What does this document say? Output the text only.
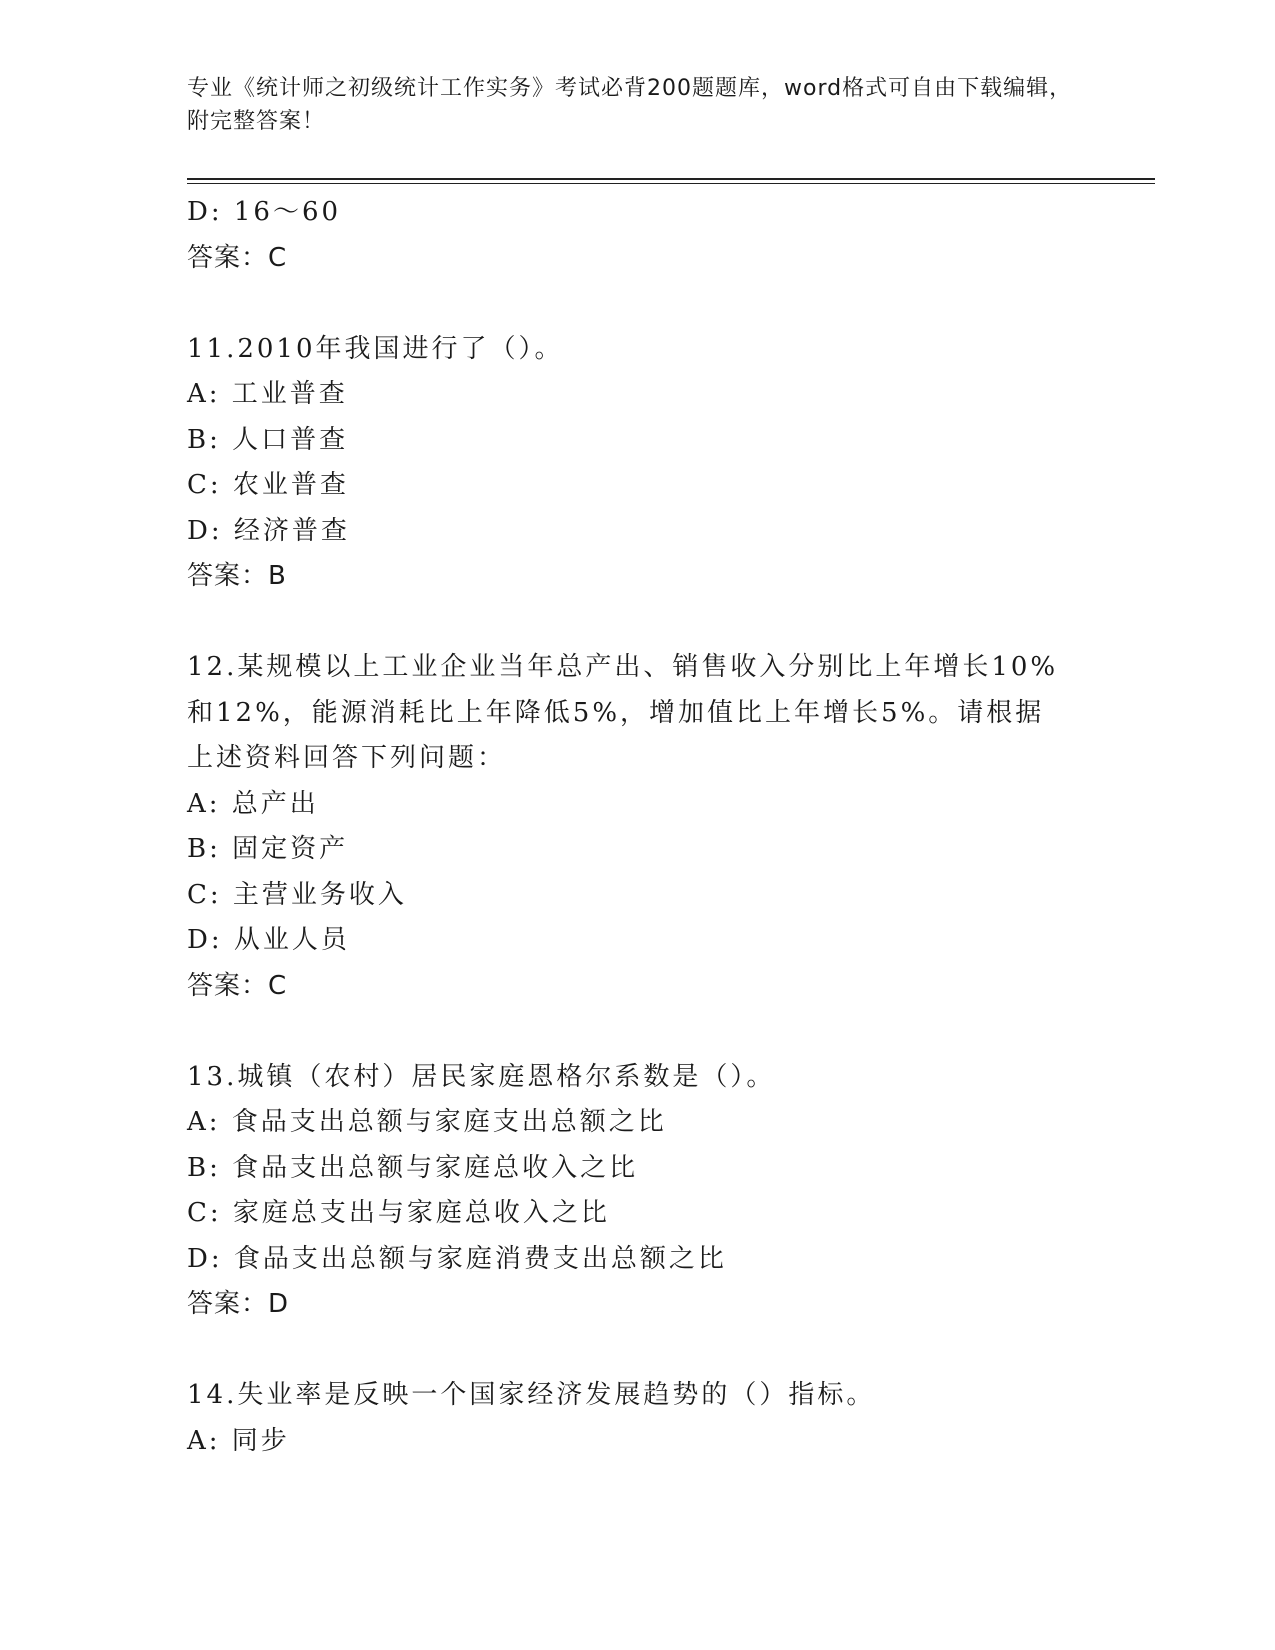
专业《统计师之初级统计工作实务》考试必背200题题库，word格式可自由下载编辑，附完整答案！
D: 16～60
答案：C
11.2010年我国进行了（）。
A: 工业普查
B: 人口普查
C: 农业普查
D: 经济普查
答案：B
12.某规模以上工业企业当年总产出、销售收入分别比上年增长10%和12%，能源消耗比上年降低5%，增加值比上年增长5%。请根据上述资料回答下列问题：
A: 总产出
B: 固定资产
C: 主营业务收入
D: 从业人员
答案：C
13.城镇（农村）居民家庭恩格尔系数是（）。
A: 食品支出总额与家庭支出总额之比
B: 食品支出总额与家庭总收入之比
C: 家庭总支出与家庭总收入之比
D: 食品支出总额与家庭消费支出总额之比
答案：D
14.失业率是反映一个国家经济发展趋势的（）指标。
A: 同步
